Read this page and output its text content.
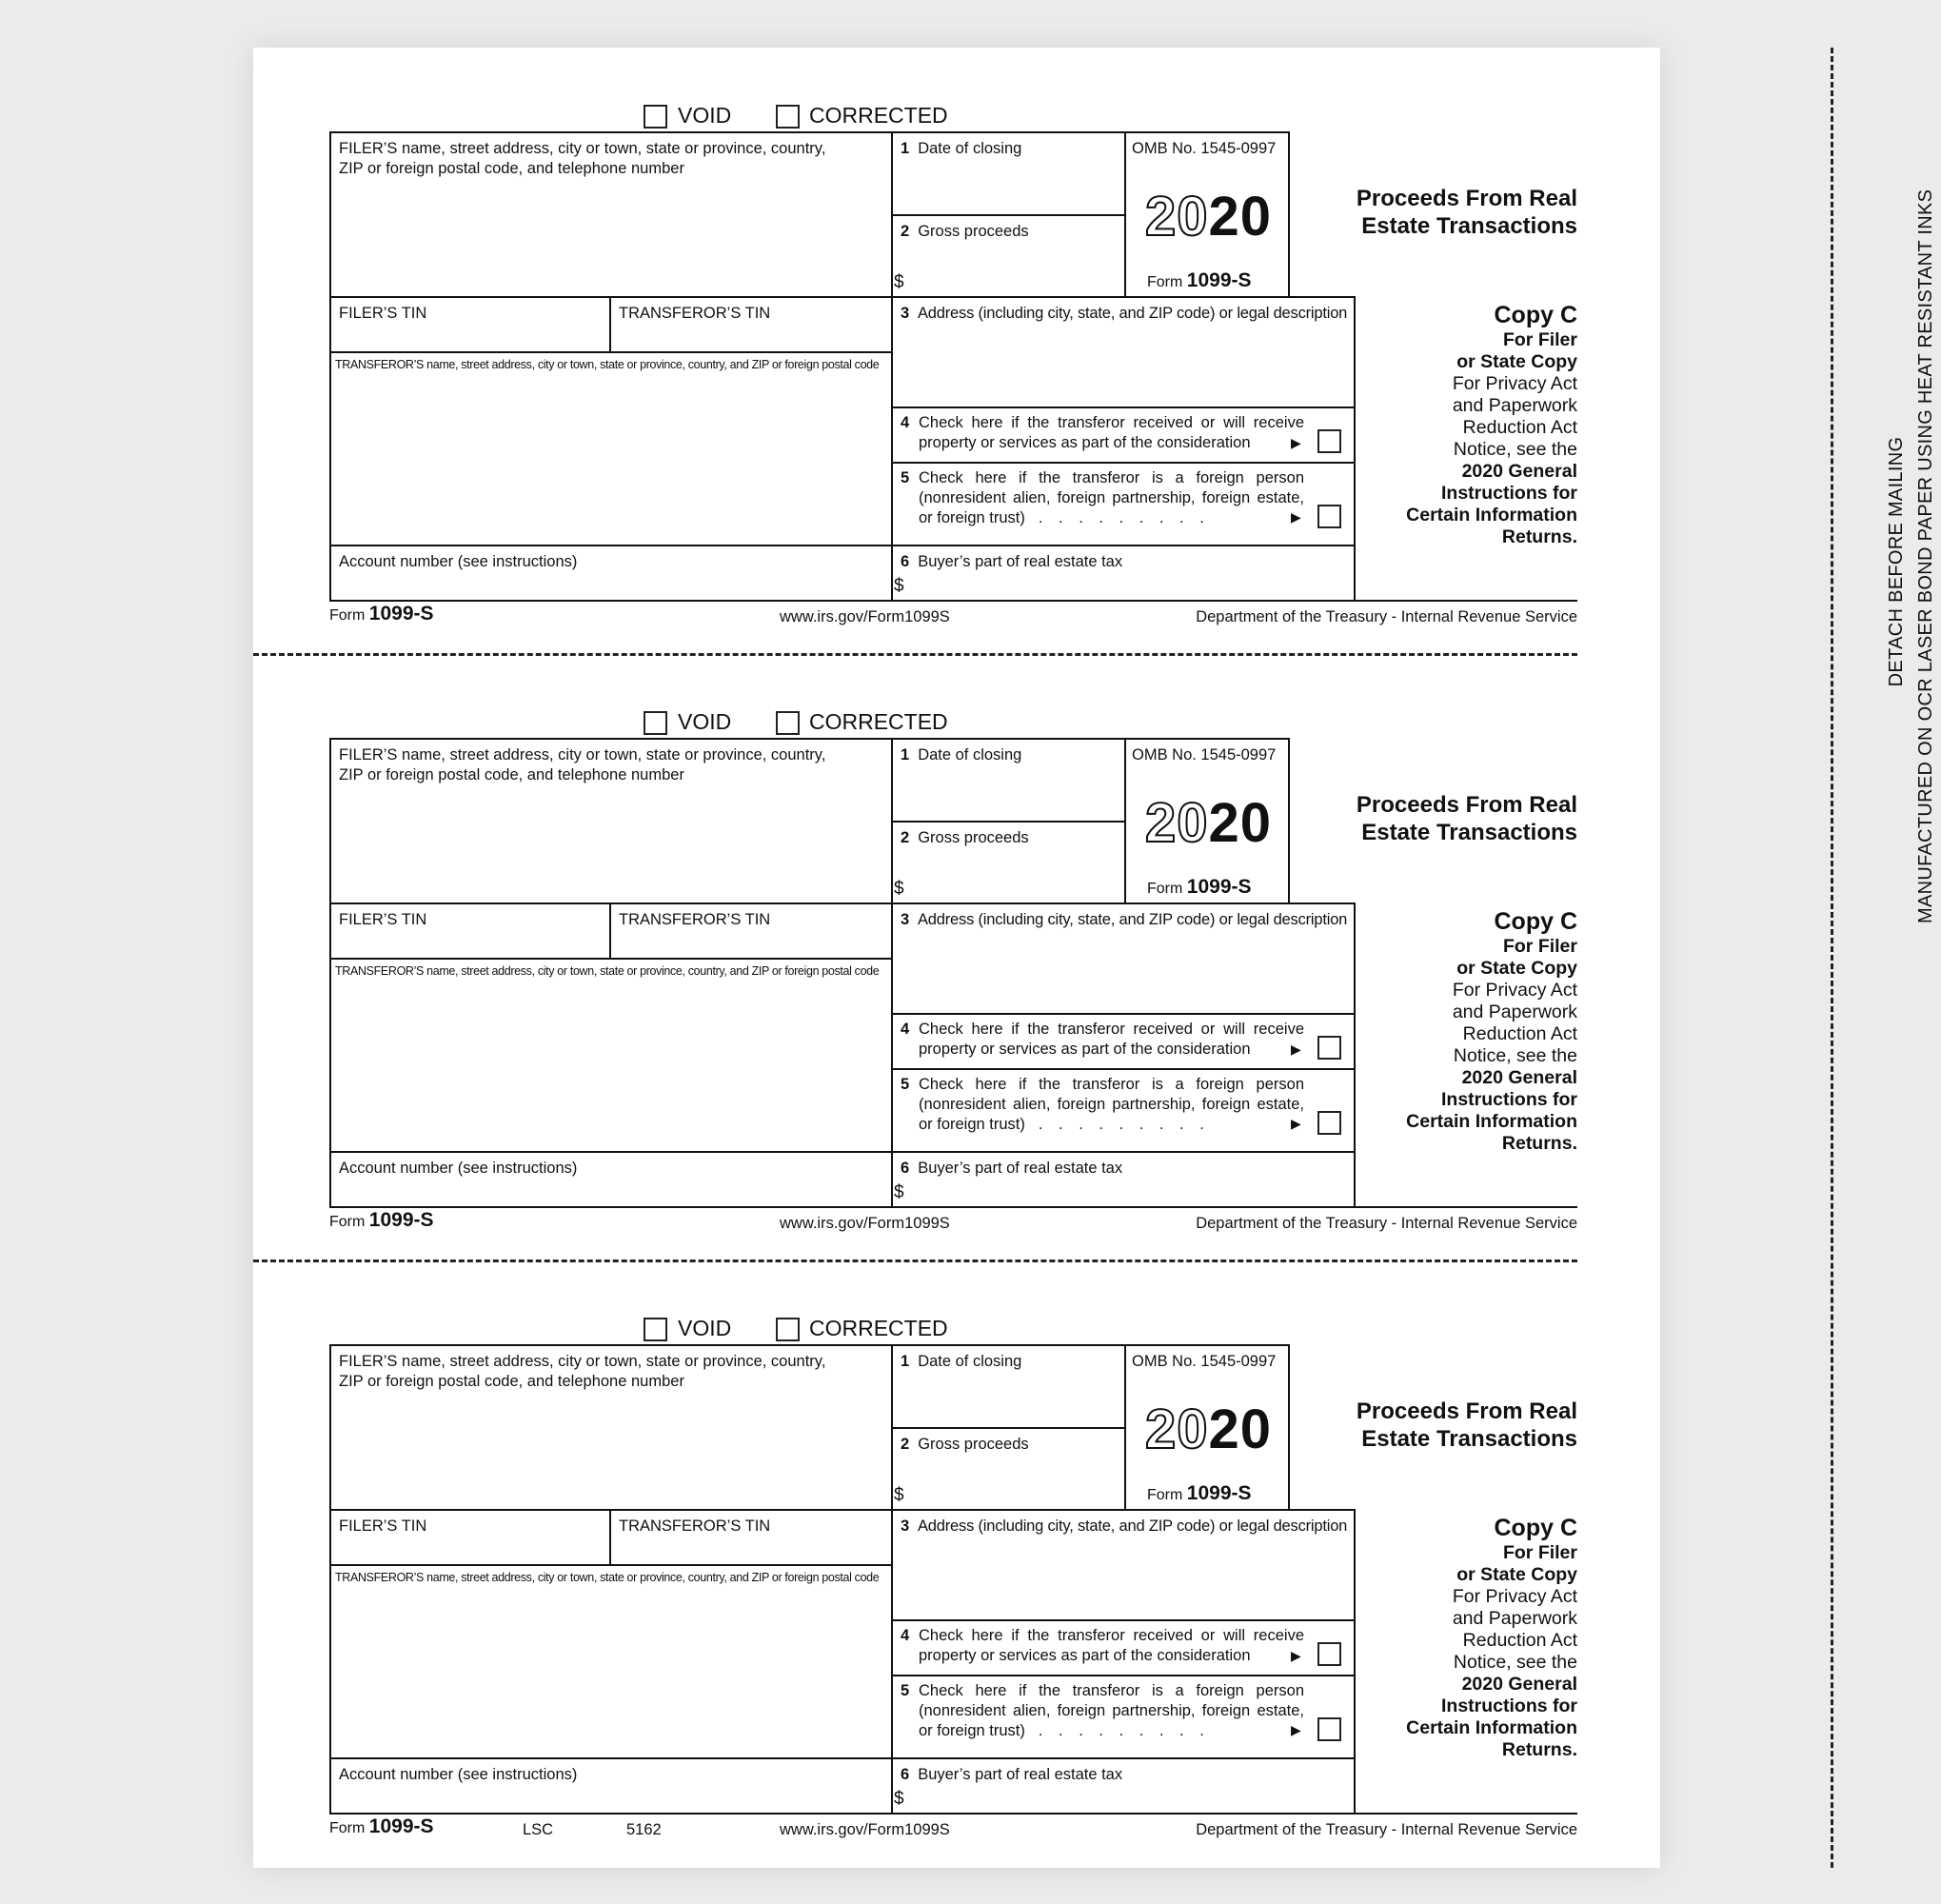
DETACH BEFORE MAILING MANUFACTURED ON OCR LASER BOND PAPER USING HEAT RESISTANT INKS
VOID	CORRECTED
FILER’S name, street address, city or town, state or province, country,
ZIP or foreign postal code, and telephone number
1 Date of closing
2 Gross proceeds
$
OMB No. 1545-0997
2020
Form 1099-S
Proceeds From Real
Estate Transactions
FILER’S TIN	TRANSFEROR’S TIN
TRANSFEROR’S name, street address, city or town, state or province, country, and ZIP or foreign postal code
3 Address (including city, state, and ZIP code) or legal description
4 Check here if the transferor received or will receive
property or services as part of the consideration	▶
5 Check here if the transferor is a foreign person
(nonresident alien, foreign partnership, foreign estate,
or foreign trust) . . . . . . . . .	▶
Account number (see instructions)	6 Buyer’s part of real estate tax
$
Copy C
For Filer
or State Copy
For Privacy Act
and Paperwork
Reduction Act
Notice, see the
2020 General
Instructions for
Certain Information
Returns.
Form 1099-S	www.irs.gov/Form1099S	Department of the Treasury - Internal Revenue Service
VOID	CORRECTED
FILER’S name, street address, city or town, state or province, country,
ZIP or foreign postal code, and telephone number
1 Date of closing
2 Gross proceeds
$
OMB No. 1545-0997
2020
Form 1099-S
Proceeds From Real
Estate Transactions
FILER’S TIN	TRANSFEROR’S TIN
TRANSFEROR’S name, street address, city or town, state or province, country, and ZIP or foreign postal code
3 Address (including city, state, and ZIP code) or legal description
4 Check here if the transferor received or will receive
property or services as part of the consideration	▶
5 Check here if the transferor is a foreign person
(nonresident alien, foreign partnership, foreign estate,
or foreign trust) . . . . . . . . .	▶
Account number (see instructions)	6 Buyer’s part of real estate tax
$
Copy C
For Filer
or State Copy
For Privacy Act
and Paperwork
Reduction Act
Notice, see the
2020 General
Instructions for
Certain Information
Returns.
Form 1099-S	www.irs.gov/Form1099S	Department of the Treasury - Internal Revenue Service
VOID	CORRECTED
FILER’S name, street address, city or town, state or province, country,
ZIP or foreign postal code, and telephone number
1 Date of closing
2 Gross proceeds
$
OMB No. 1545-0997
2020
Form 1099-S
Proceeds From Real
Estate Transactions
FILER’S TIN	TRANSFEROR’S TIN
TRANSFEROR’S name, street address, city or town, state or province, country, and ZIP or foreign postal code
3 Address (including city, state, and ZIP code) or legal description
4 Check here if the transferor received or will receive
property or services as part of the consideration	▶
5 Check here if the transferor is a foreign person
(nonresident alien, foreign partnership, foreign estate,
or foreign trust) . . . . . . . . .	▶
Account number (see instructions)	6 Buyer’s part of real estate tax
$
Copy C
For Filer
or State Copy
For Privacy Act
and Paperwork
Reduction Act
Notice, see the
2020 General
Instructions for
Certain Information
Returns.
Form 1099-S	LSC	5162	www.irs.gov/Form1099S	Department of the Treasury - Internal Revenue Service
